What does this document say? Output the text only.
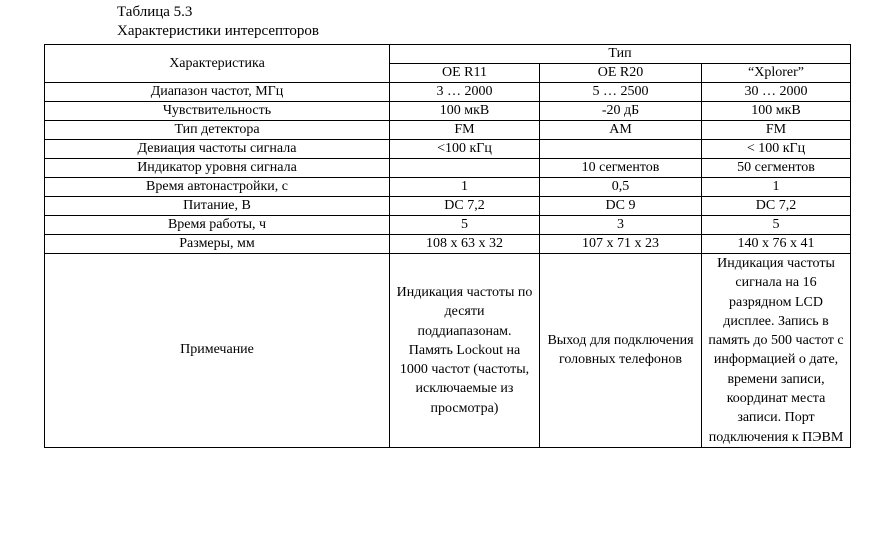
Таблица 5.3
Характеристики интерсепторов
Характеристика	Тип		
	OE R11	OE R20	“Xplorer”
Диапазон частот, МГц	3 … 2000	5 … 2500	30 … 2000
Чувствительность	100 мкВ	-20 дБ	100 мкВ
Тип детектора	FM	AM	FM
Девиация частоты сигнала	<100 кГц		< 100 кГц
Индикатор уровня сигнала		10 сегментов	50 сегментов
Время автонастройки, с	1	0,5	1
Питание, В	DC 7,2	DC 9	DC 7,2
Время работы, ч	5	3	5
Размеры, мм	108 x 63 x 32	107 x 71 x 23	140 x 76 x 41
Примечание	Индикация частоты по десяти поддиапазонам. Память Lockout на 1000 частот (частоты, исключаемые из просмотра)	Выход для подключения головных телефонов	Индикация частоты сигнала на 16 разрядном LCD дисплее. Запись в память до 500 частот с информацией о дате, времени записи, координат места записи. Порт подключения к ПЭВМ
